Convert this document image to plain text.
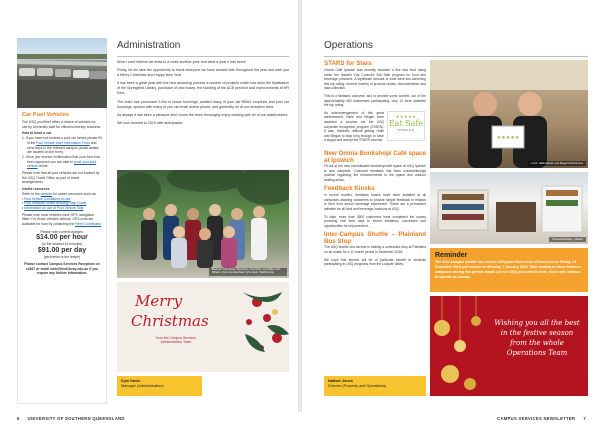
Car Pool Vehicles
The USQ pool fleet offers a choice of vehicles for use by University staff for official university business.
How to book a car
1. If you have not booked a pool car before please fill in the Pool Vehicle User Information Form and send back to the relevant campus (email details are located on the form).
2. Once you receive confirmation that your form has been approved you are able to book your pool vehicle online.
Please note that all pool vehicles are not booked by the USQ Travel Office as part of travel arrangements.
Useful resources
Refer to the website for useful resources such as:
• Pool Vehicle Conditions of Use
• Pool Vehicles Online Booking Help Guide
• Information on use of Pool Vehicle Tolls
Please note most vehicles have GPS navigation fitted. For those vehicles without, GPS units are available for loan by contacting the Fleet Coordinator
Please note current charges:
$14.00 per hour
(or the nearest 15 minutes)
$91.00 per day
(whichever is the lesser)
Please contact Campus Services Reception on x2837 or email web@fleet@usq.edu.au if you require any further information.
Administration

Wow I can't believe we draw to a close another year and what a year it has been!

Firstly, let me take the opportunity to thank everyone we have worked with throughout the year and wish you a Merry Christmas and Happy New Year.

It has been a great year with the new awarding process a number of projects which has seen the finalisation of the Springfield Library, purchase of new buses, the building of the ACE precinct and improvements at HR Kent.

The team has processed 100s of venue bookings, audited many of your aid RBAS enquiries and pool car bookings, spoken with many of you via email and/or phone, and generally on at our reception area.

As always it has been a pleasure and I know the team thoroughly enjoy working with all of our stakeholders.

We look forward to 2019 with anticipation.

Back row: Fiona Moore, Bree Myers, Tony Brown, Amy Baker, Kerri Williams. Front row: Alana Bank, Kyrra Jacob, Vicki Brunning
Merry
Christmas
from the Campus Services
Administration Team
Kym Davis
Manager (Administration)
6 UNIVERSITY OF SOUTHERN QUEENSLAND
Operations
STARS for Stars

Omnia Café Ipswich was recently awarded a five star food rating under the Ipswich City Council's Eat Safe program for food and beverage providers. A significant amount of work went into achieving this top rating; several months of process review, documentation and data collection.

This is a fantastic outcome, and to provide some context, out of the approximately 400 businesses participating, only 12 were awarded the top rating.

As acknowledgement of this great achievement, Halle and Megan were awarded a voucher via the USQ corporate recognition program (STARS). It was, however, difficult getting Halle and Megan to stop long enough to have a cuppa and accept the STARS voucher.

★★★★★
Eat Safe
IPSWICH
New Omnia Bookshop/ Café space at Ipswich

Fit-out of the new consolidated bookshop/café space at USQ Ipswich is now complete. Customer feedback has been overwhelmingly positive regarding the enhancements to the space and outdoor seating areas.

Feedback Kiosks

In recent months, feedback kiosks have been installed at all campuses allowing customers to provide simple feedback in relation to their food and/or beverage experience. These are a permanent initiative for all food and beverage locations at USQ.

To date, more than 3500 customers have completed the survey providing real time data to inform initiatives, successes and opportunities for improvement.

Inter-Campus Shuttle – Plainland Bus Stop

The USQ shuttle bus service is trialling a scheduled stop at Plainland on all routes for a 12 month period in December 2018.

We hope this service will be of particular benefit to students participating in USQ programs from the Lockyer Valley.

★★★★★
L to R: Halle Matsen and Megan Fitzsimmons
Omnia Bookshop - Ipswich
Reminder
The inter-campus shuttle bus service will pause from close of business on Friday, 14 December 2018 and resume on Monday, 7 January 2019. Staff wishing to travel between campuses during this period should use the USQ pool vehicle fleet, which will continue to operate as normal.
Wishing you all the best in the festive season from the whole Operations Team
Nathan Jones
Director (Property and Operations)
CAMPUS SERVICES NEWSLETTER 7
